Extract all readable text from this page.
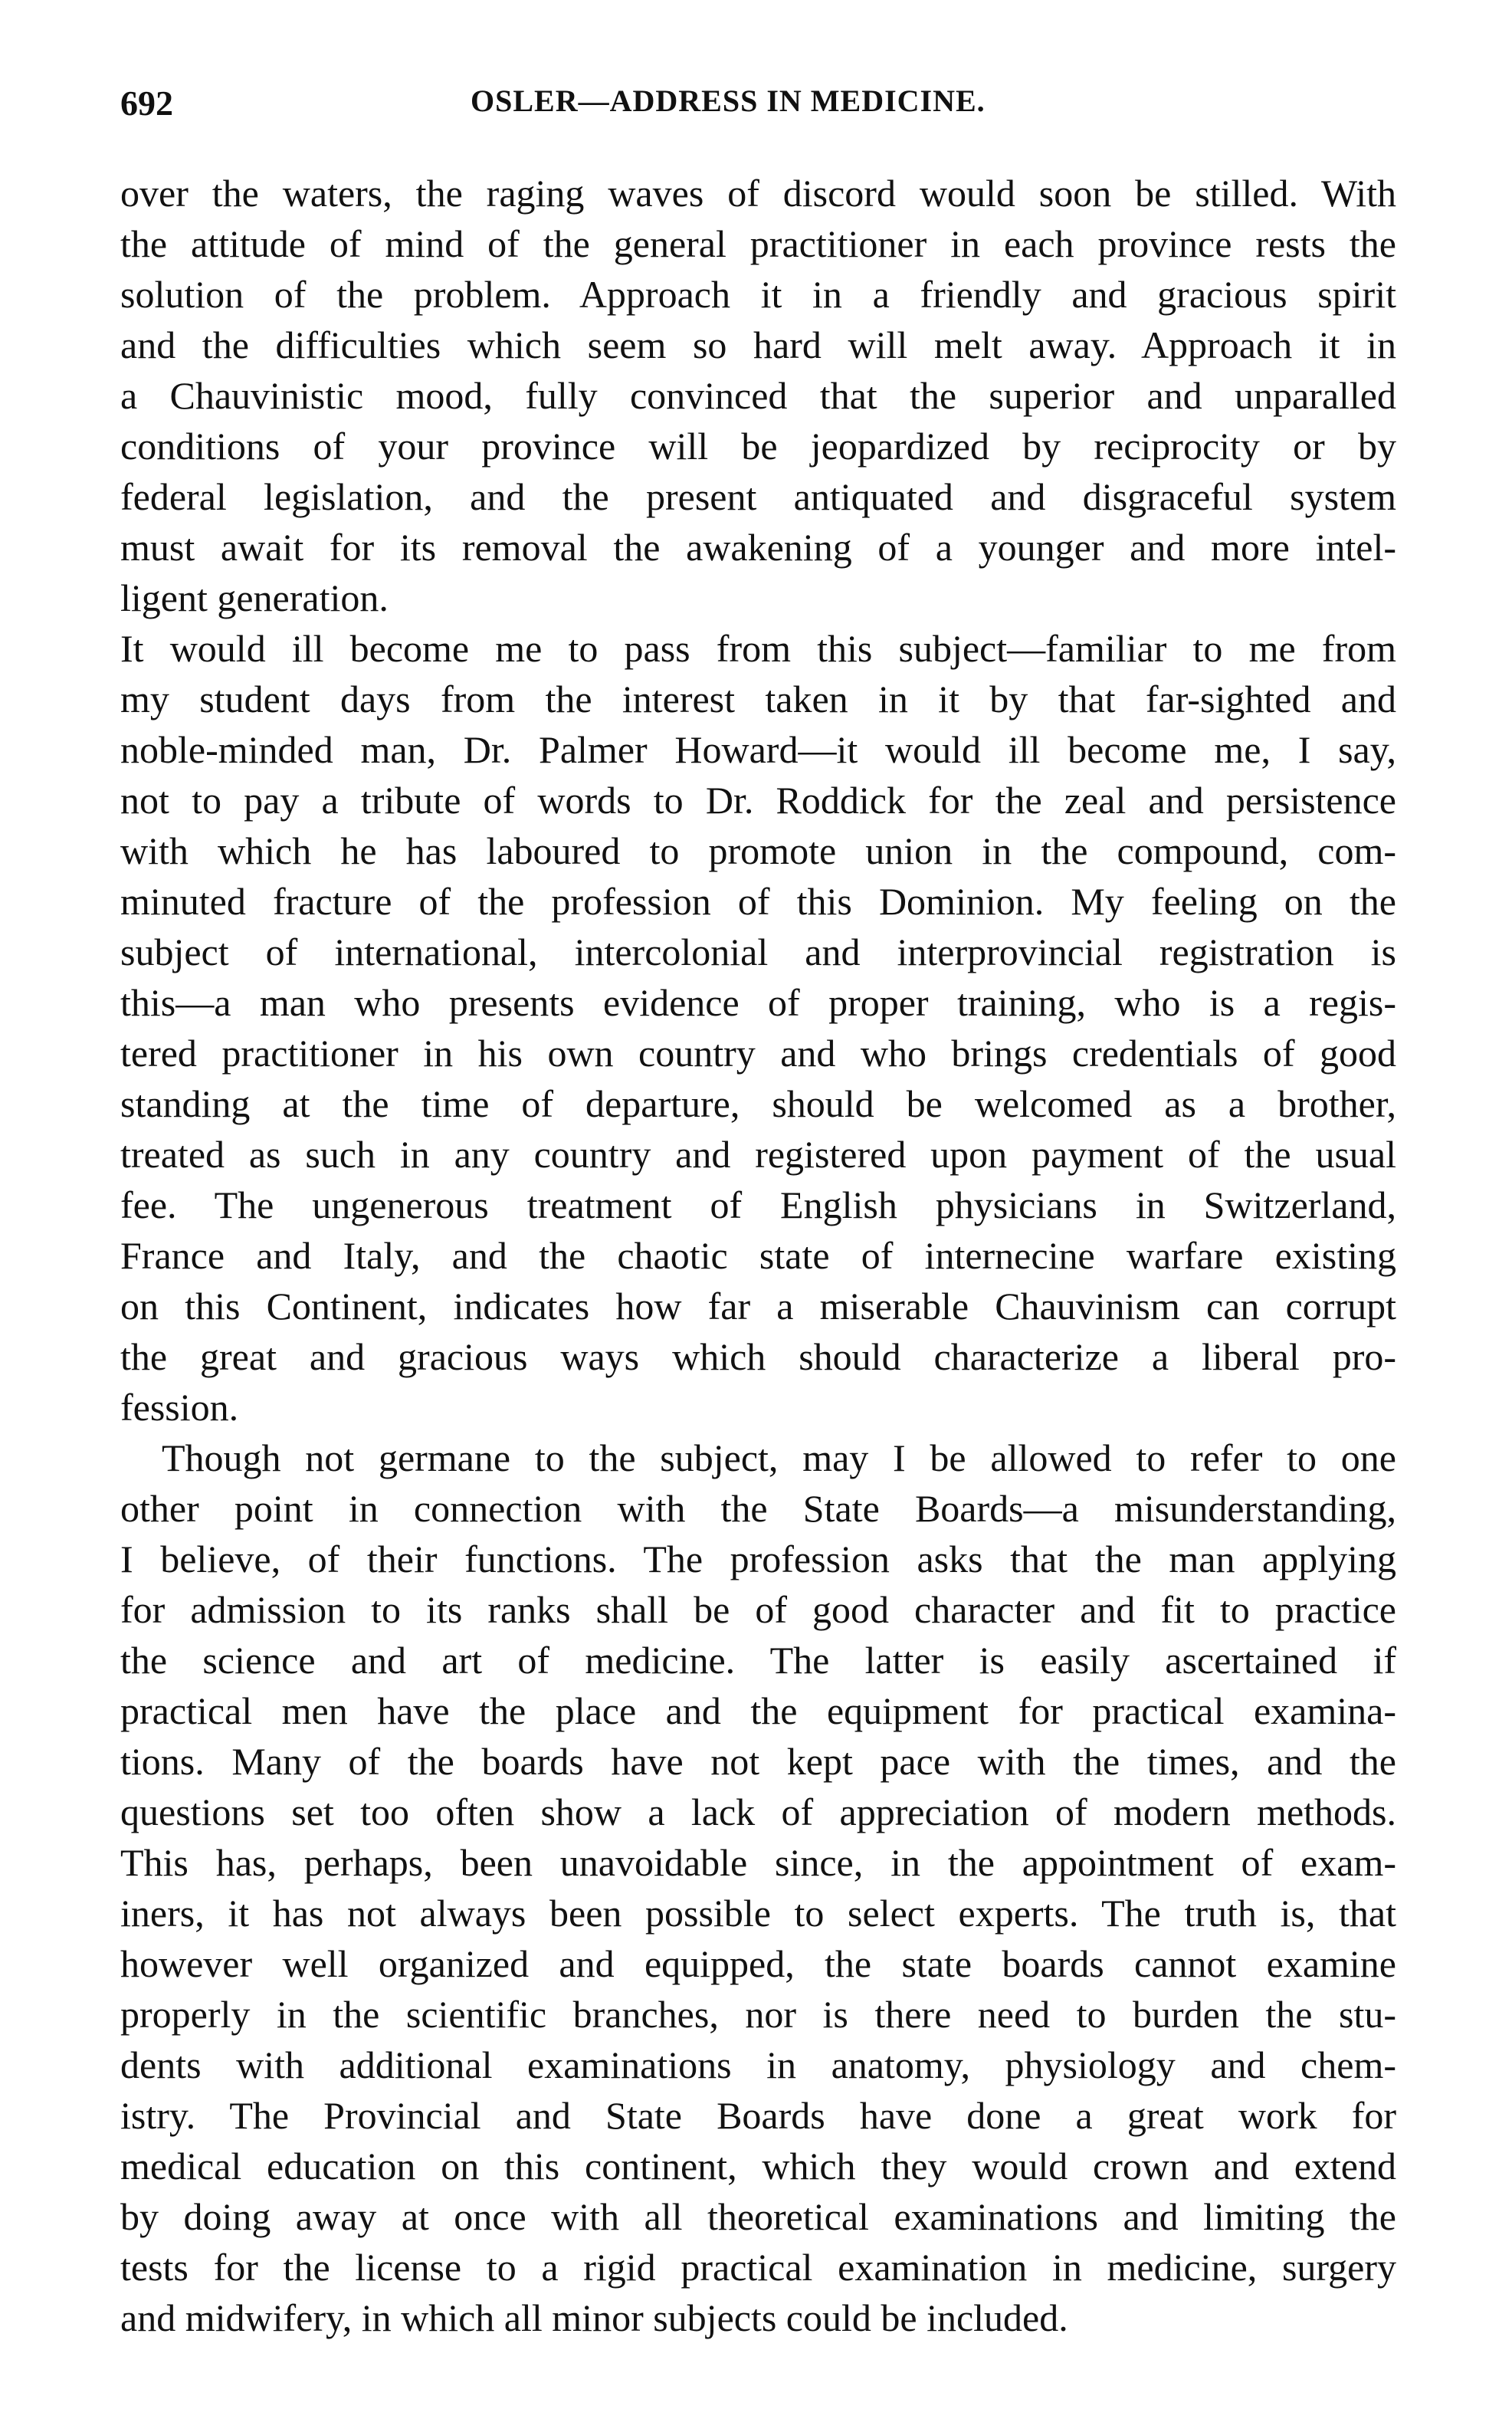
692	OSLER—ADDRESS IN MEDICINE.
over the waters, the raging waves of discord would soon be stilled. With
the attitude of mind of the general practitioner in each province rests the
solution of the problem. Approach it in a friendly and gracious spirit
and the difficulties which seem so hard will melt away. Approach it in
a Chauvinistic mood, fully convinced that the superior and unparalled
conditions of your province will be jeopardized by reciprocity or by
federal legislation, and the present antiquated and disgraceful system
must await for its removal the awakening of a younger and more intel-
ligent generation.
It would ill become me to pass from this subject—familiar to me from
my student days from the interest taken in it by that far-sighted and
noble-minded man, Dr. Palmer Howard—it would ill become me, I say,
not to pay a tribute of words to Dr. Roddick for the zeal and persistence
with which he has laboured to promote union in the compound, com-
minuted fracture of the profession of this Dominion. My feeling on the
subject of international, intercolonial and interprovincial registration is
this—a man who presents evidence of proper training, who is a regis-
tered practitioner in his own country and who brings credentials of good
standing at the time of departure, should be welcomed as a brother,
treated as such in any country and registered upon payment of the usual
fee. The ungenerous treatment of English physicians in Switzerland,
France and Italy, and the chaotic state of internecine warfare existing
on this Continent, indicates how far a miserable Chauvinism can corrupt
the great and gracious ways which should characterize a liberal pro-
fession.
Though not germane to the subject, may I be allowed to refer to one
other point in connection with the State Boards—a misunderstanding,
I believe, of their functions. The profession asks that the man applying
for admission to its ranks shall be of good character and fit to practice
the science and art of medicine. The latter is easily ascertained if
practical men have the place and the equipment for practical examina-
tions. Many of the boards have not kept pace with the times, and the
questions set too often show a lack of appreciation of modern methods.
This has, perhaps, been unavoidable since, in the appointment of exam-
iners, it has not always been possible to select experts. The truth is, that
however well organized and equipped, the state boards cannot examine
properly in the scientific branches, nor is there need to burden the stu-
dents with additional examinations in anatomy, physiology and chem-
istry. The Provincial and State Boards have done a great work for
medical education on this continent, which they would crown and extend
by doing away at once with all theoretical examinations and limiting the
tests for the license to a rigid practical examination in medicine, surgery
and midwifery, in which all minor subjects could be included.
